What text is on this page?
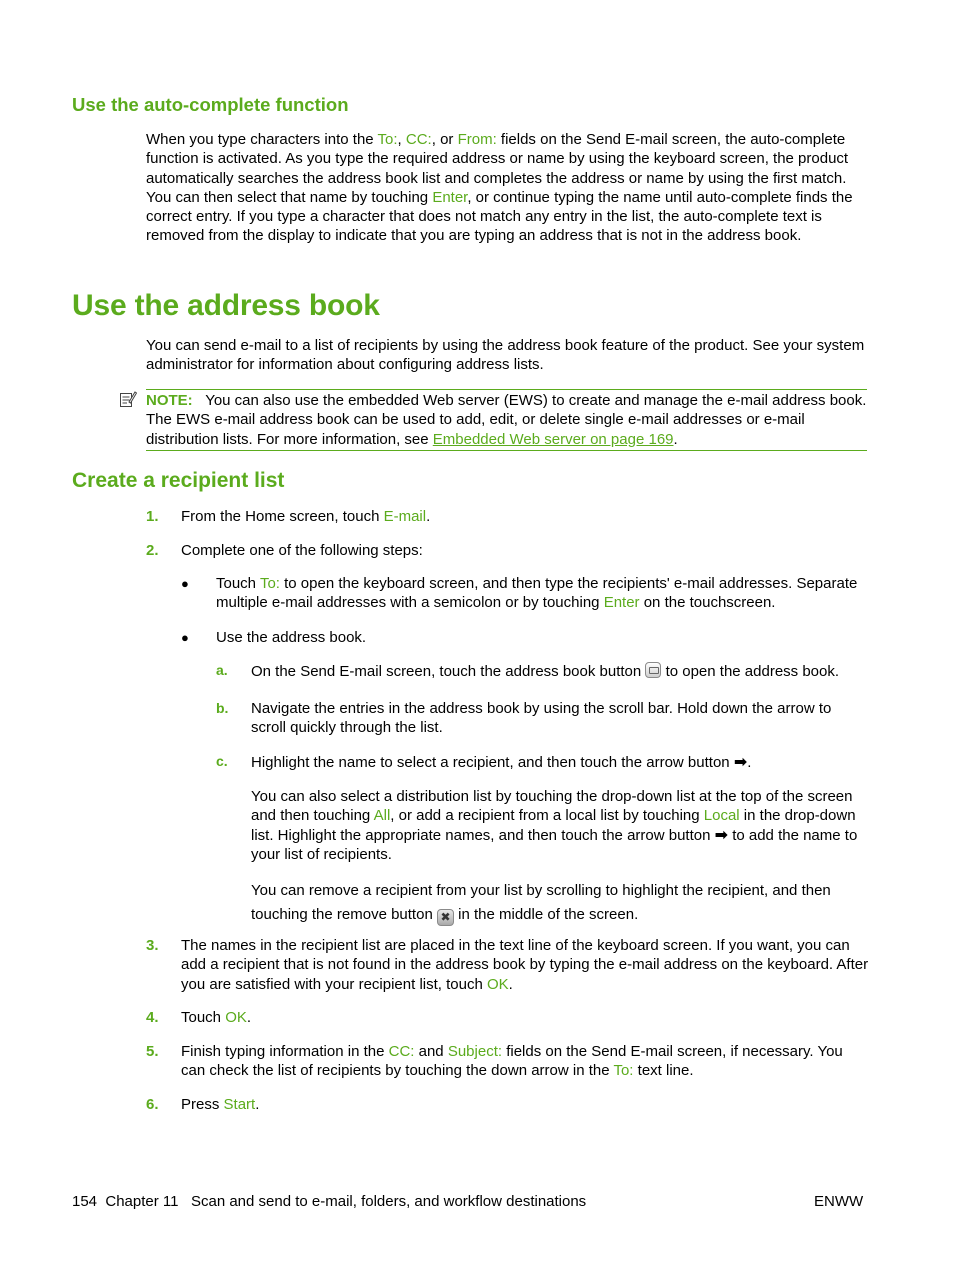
Use the auto-complete function
When you type characters into the To:, CC:, or From: fields on the Send E-mail screen, the auto-complete function is activated. As you type the required address or name by using the keyboard screen, the product automatically searches the address book list and completes the address or name by using the first match. You can then select that name by touching Enter, or continue typing the name until auto-complete finds the correct entry. If you type a character that does not match any entry in the list, the auto-complete text is removed from the display to indicate that you are typing an address that is not in the address book.
Use the address book
You can send e-mail to a list of recipients by using the address book feature of the product. See your system administrator for information about configuring address lists.
NOTE: You can also use the embedded Web server (EWS) to create and manage the e-mail address book. The EWS e-mail address book can be used to add, edit, or delete single e-mail addresses or e-mail distribution lists. For more information, see Embedded Web server on page 169.
Create a recipient list
1. From the Home screen, touch E-mail.
2. Complete one of the following steps:
● Touch To: to open the keyboard screen, and then type the recipients' e-mail addresses. Separate multiple e-mail addresses with a semicolon or by touching Enter on the touchscreen.
● Use the address book.
a. On the Send E-mail screen, touch the address book button  to open the address book.
b. Navigate the entries in the address book by using the scroll bar. Hold down the arrow to scroll quickly through the list.
c. Highlight the name to select a recipient, and then touch the arrow button ➡.
You can also select a distribution list by touching the drop-down list at the top of the screen and then touching All, or add a recipient from a local list by touching Local in the drop-down list. Highlight the appropriate names, and then touch the arrow button ➡ to add the name to your list of recipients.
You can remove a recipient from your list by scrolling to highlight the recipient, and then touching the remove button ✖ in the middle of the screen.
3. The names in the recipient list are placed in the text line of the keyboard screen. If you want, you can add a recipient that is not found in the address book by typing the e-mail address on the keyboard. After you are satisfied with your recipient list, touch OK.
4. Touch OK.
5. Finish typing information in the CC: and Subject: fields on the Send E-mail screen, if necessary. You can check the list of recipients by touching the down arrow in the To: text line.
6. Press Start.
154  Chapter 11   Scan and send to e-mail, folders, and workflow destinations	ENWW
